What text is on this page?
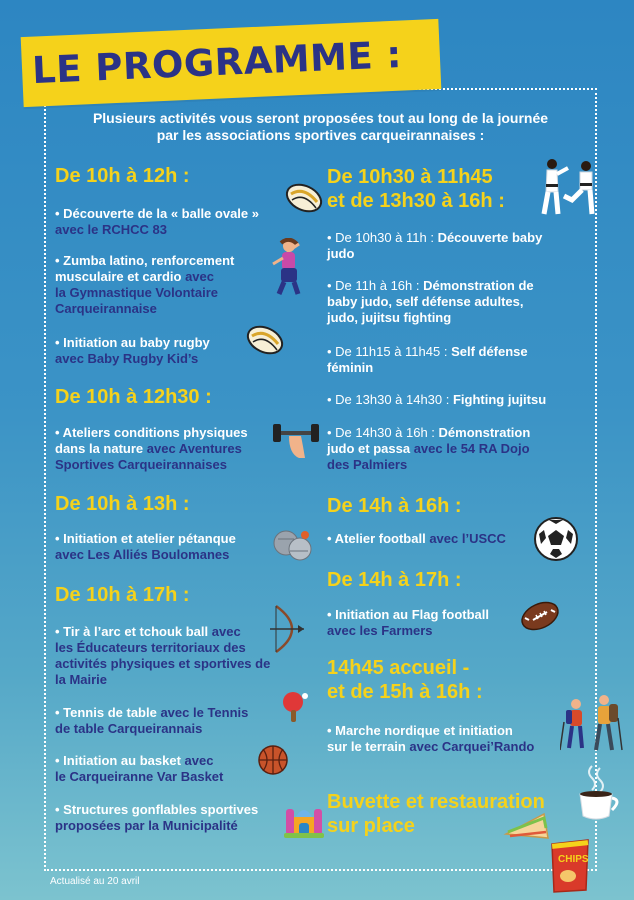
LE PROGRAMME :
Plusieurs activités vous seront proposées tout au long de la journée
par les associations sportives carqueirannaises :
De 10h à 12h :
• Découverte de la « balle ovale »
avec le RCHCC 83
• Zumba latino, renforcement
musculaire et cardio avec
la Gymnastique Volontaire
Carqueirannaise
• Initiation au baby rugby
avec Baby Rugby Kid’s
De 10h à 12h30 :
• Ateliers conditions physiques
dans la nature avec Aventures
Sportives Carqueirannaises
De 10h à 13h :
• Initiation et atelier pétanque
avec Les Alliés Boulomanes
De 10h à 17h :
• Tir à l’arc et tchouk ball avec
les Éducateurs territoriaux des
activités physiques et sportives de
la Mairie
• Tennis de table avec le Tennis
de table Carqueirannais
• Initiation au basket avec
le Carqueiranne Var Basket
• Structures gonflables sportives
proposées par la Municipalité
De 10h30 à 11h45
et de 13h30 à 16h :
• De 10h30 à 11h : Découverte baby
judo
• De 11h à 16h : Démonstration de
baby judo, self défense adultes,
judo, jujitsu fighting
• De 11h15 à 11h45 : Self défense
féminin
• De 13h30 à 14h30 : Fighting jujitsu
• De 14h30 à 16h : Démonstration
judo et passa avec le 54 RA Dojo
des Palmiers
De 14h à 16h :
• Atelier football avec l’USCC
De 14h à 17h :
• Initiation au Flag football
avec les Farmers
14h45 accueil -
et de 15h à 16h :
• Marche nordique et initiation
sur le terrain avec Carquei’Rando
Buvette et restauration
sur place
Actualisé au 20 avril
CHIPS
